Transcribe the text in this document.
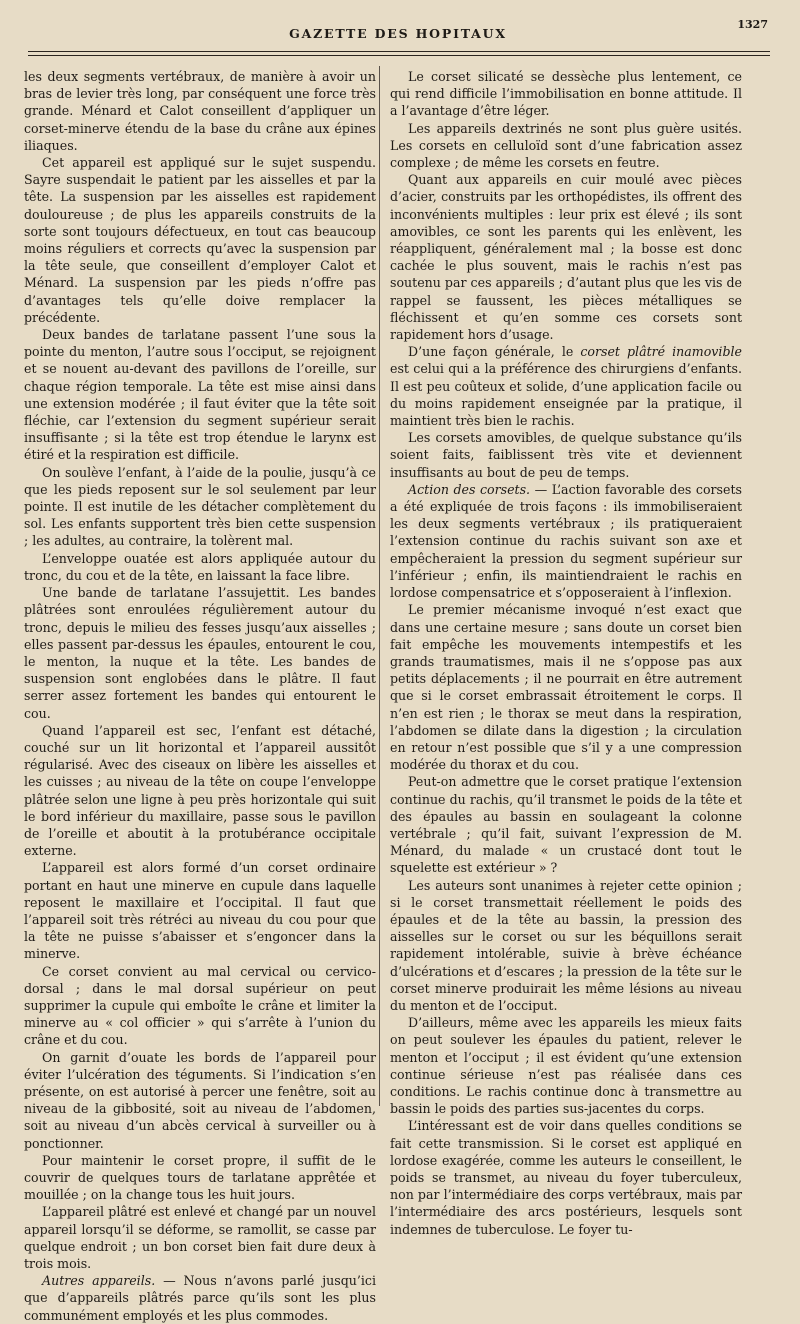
GAZETTE DES HOPITAUX
1327

les deux segments vertébraux, de manière à avoir un bras de levier très long, par conséquent une force très grande. Ménard et Calot conseillent d’appliquer un corset-minerve étendu de la base du crâne aux épines iliaques.

Cet appareil est appliqué sur le sujet suspendu. Sayre suspendait le patient par les aisselles et par la tête. La suspension par les aisselles est rapidement douloureuse ; de plus les appareils construits de la sorte sont toujours défectueux, en tout cas beaucoup moins réguliers et corrects qu’avec la suspension par la tête seule, que conseillent d’employer Calot et Ménard. La suspension par les pieds n’offre pas d’avantages tels qu’elle doive remplacer la précédente.

Deux bandes de tarlatane passent l’une sous la pointe du menton, l’autre sous l’occiput, se rejoignent et se nouent au-devant des pavillons de l’oreille, sur chaque région temporale. La tête est mise ainsi dans une extension modérée ; il faut éviter que la tête soit fléchie, car l’extension du segment supérieur serait insuffisante ; si la tête est trop étendue le larynx est étiré et la respiration est difficile.

On soulève l’enfant, à l’aide de la poulie, jusqu’à ce que les pieds reposent sur le sol seulement par leur pointe. Il est inutile de les détacher complètement du sol. Les enfants supportent très bien cette suspension ; les adultes, au contraire, la tolèrent mal.

L’enveloppe ouatée est alors appliquée autour du tronc, du cou et de la tête, en laissant la face libre.

Une bande de tarlatane l’assujettit. Les bandes plâtrées sont enroulées régulièrement autour du tronc, depuis le milieu des fesses jusqu’aux aisselles ; elles passent par-dessus les épaules, entourent le cou, le menton, la nuque et la tête. Les bandes de suspension sont englobées dans le plâtre. Il faut serrer assez fortement les bandes qui entourent le cou.

Quand l’appareil est sec, l’enfant est détaché, couché sur un lit horizontal et l’appareil aussitôt régularisé. Avec des ciseaux on libère les aisselles et les cuisses ; au niveau de la tête on coupe l’enveloppe plâtrée selon une ligne à peu près horizontale qui suit le bord inférieur du maxillaire, passe sous le pavillon de l’oreille et aboutit à la protubérance occipitale externe.

L’appareil est alors formé d’un corset ordinaire portant en haut une minerve en cupule dans laquelle reposent le maxillaire et l’occipital. Il faut que l’appareil soit très rétréci au niveau du cou pour que la tête ne puisse s’abaisser et s’engoncer dans la minerve.

Ce corset convient au mal cervical ou cervico-dorsal ; dans le mal dorsal supérieur on peut supprimer la cupule qui emboîte le crâne et limiter la minerve au « col officier » qui s’arrête à l’union du crâne et du cou.

On garnit d’ouate les bords de l’appareil pour éviter l’ulcération des téguments. Si l’indication s’en présente, on est autorisé à percer une fenêtre, soit au niveau de la gibbosité, soit au niveau de l’abdomen, soit au niveau d’un abcès cervical à surveiller ou à ponctionner.

Pour maintenir le corset propre, il suffit de le couvrir de quelques tours de tarlatane apprêtée et mouillée ; on la change tous les huit jours.

L’appareil plâtré est enlevé et changé par un nouvel appareil lorsqu’il se déforme, se ramollit, se casse par quelque endroit ; un bon corset bien fait dure deux à trois mois.

Autres appareils. — Nous n’avons parlé jusqu’ici que d’appareils plâtrés parce qu’ils sont les plus communément employés et les plus commodes.

Le corset silicaté se dessèche plus lentement, ce qui rend difficile l’immobilisation en bonne attitude. Il a l’avantage d’être léger.

Les appareils dextrinés ne sont plus guère usités. Les corsets en celluloïd sont d’une fabrication assez complexe ; de même les corsets en feutre.

Quant aux appareils en cuir moulé avec pièces d’acier, construits par les orthopédistes, ils offrent des inconvénients multiples : leur prix est élevé ; ils sont amovibles, ce sont les parents qui les enlèvent, les réappliquent, généralement mal ; la bosse est donc cachée le plus souvent, mais le rachis n’est pas soutenu par ces appareils ; d’autant plus que les vis de rappel se faussent, les pièces métalliques se fléchissent et qu’en somme ces corsets sont rapidement hors d’usage.

D’une façon générale, le corset plâtré inamovible est celui qui a la préférence des chirurgiens d’enfants. Il est peu coûteux et solide, d’une application facile ou du moins rapidement enseignée par la pratique, il maintient très bien le rachis.

Les corsets amovibles, de quelque substance qu’ils soient faits, faiblissent très vite et deviennent insuffisants au bout de peu de temps.

Action des corsets. — L’action favorable des corsets a été expliquée de trois façons : ils immobiliseraient les deux segments vertébraux ; ils pratiqueraient l’extension continue du rachis suivant son axe et empêcheraient la pression du segment supérieur sur l’inférieur ; enfin, ils maintiendraient le rachis en lordose compensatrice et s’opposeraient à l’inflexion.

Le premier mécanisme invoqué n’est exact que dans une certaine mesure ; sans doute un corset bien fait empêche les mouvements intempestifs et les grands traumatismes, mais il ne s’oppose pas aux petits déplacements ; il ne pourrait en être autrement que si le corset embrassait étroitement le corps. Il n’en est rien ; le thorax se meut dans la respiration, l’abdomen se dilate dans la digestion ; la circulation en retour n’est possible que s’il y a une compression modérée du thorax et du cou.

Peut-on admettre que le corset pratique l’extension continue du rachis, qu’il transmet le poids de la tête et des épaules au bassin en soulageant la colonne vertébrale ; qu’il fait, suivant l’expression de M. Ménard, du malade « un crustacé dont tout le squelette est extérieur » ?

Les auteurs sont unanimes à rejeter cette opinion ; si le corset transmettait réellement le poids des épaules et de la tête au bassin, la pression des aisselles sur le corset ou sur les béquillons serait rapidement intolérable, suivie à brève échéance d’ulcérations et d’escares ; la pression de la tête sur le corset minerve produirait les même lésions au niveau du menton et de l’occiput.

D’ailleurs, même avec les appareils les mieux faits on peut soulever les épaules du patient, relever le menton et l’occiput ; il est évident qu’une extension continue sérieuse n’est pas réalisée dans ces conditions. Le rachis continue donc à transmettre au bassin le poids des parties sus-jacentes du corps.

L’intéressant est de voir dans quelles conditions se fait cette transmission. Si le corset est appliqué en lordose exagérée, comme les auteurs le conseillent, le poids se transmet, au niveau du foyer tuberculeux, non par l’intermédiaire des corps vertébraux, mais par l’intermédiaire des arcs postérieurs, lesquels sont indemnes de tuberculose. Le foyer tu-
